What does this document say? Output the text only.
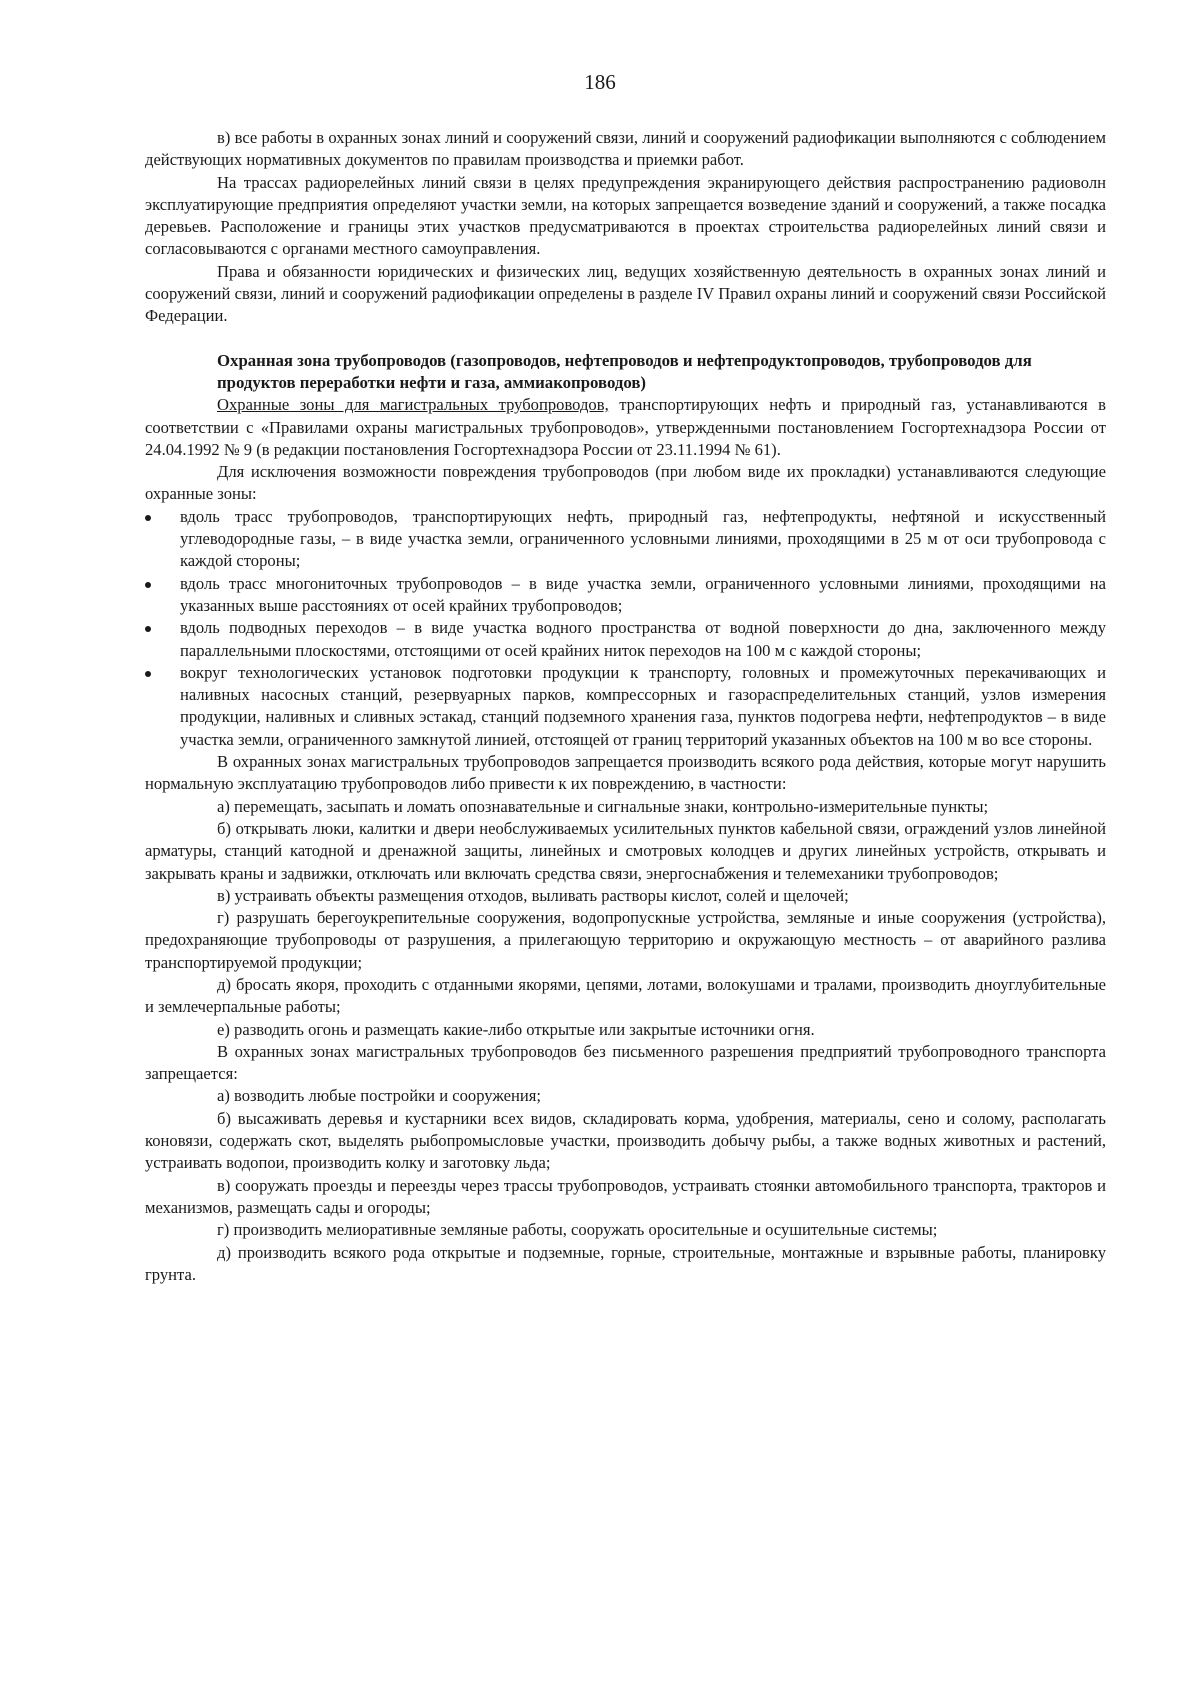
186

в) все работы в охранных зонах линий и сооружений связи, линий и сооружений радиофикации выполняются с соблюдением действующих нормативных документов по правилам производства и приемки работ.

На трассах радиорелейных линий связи в целях предупреждения экранирующего действия распространению радиоволн эксплуатирующие предприятия определяют участки земли, на которых запрещается возведение зданий и сооружений, а также посадка деревьев. Расположение и границы этих участков предусматриваются в проектах строительства радиорелейных линий связи и согласовываются с органами местного самоуправления.

Права и обязанности юридических и физических лиц, ведущих хозяйственную деятельность в охранных зонах линий и сооружений связи, линий и сооружений радиофикации определены в разделе IV Правил охраны линий и сооружений связи Российской Федерации.

Охранная зона трубопроводов (газопроводов, нефтепроводов и нефтепродуктопроводов, трубопроводов для продуктов переработки нефти и газа, аммиакопроводов)

Охранные зоны для магистральных трубопроводов, транспортирующих нефть и природный газ, устанавливаются в соответствии с «Правилами охраны магистральных трубопроводов», утвержденными постановлением Госгортехнадзора России от 24.04.1992 № 9 (в редакции постановления Госгортехнадзора России от 23.11.1994 № 61).

Для исключения возможности повреждения трубопроводов (при любом виде их прокладки) устанавливаются следующие охранные зоны:

вдоль трасс трубопроводов, транспортирующих нефть, природный газ, нефтепродукты, нефтяной и искусственный углеводородные газы, – в виде участка земли, ограниченного условными линиями, проходящими в 25 м от оси трубопровода с каждой стороны;
вдоль трасс многониточных трубопроводов – в виде участка земли, ограниченного условными линиями, проходящими на указанных выше расстояниях от осей крайних трубопроводов;
вдоль подводных переходов – в виде участка водного пространства от водной поверхности до дна, заключенного между параллельными плоскостями, отстоящими от осей крайних ниток переходов на 100 м с каждой стороны;
вокруг технологических установок подготовки продукции к транспорту, головных и промежуточных перекачивающих и наливных насосных станций, резервуарных парков, компрессорных и газораспределительных станций, узлов измерения продукции, наливных и сливных эстакад, станций подземного хранения газа, пунктов подогрева нефти, нефтепродуктов – в виде участка земли, ограниченного замкнутой линией, отстоящей от границ территорий указанных объектов на 100 м во все стороны.

В охранных зонах магистральных трубопроводов запрещается производить всякого рода действия, которые могут нарушить нормальную эксплуатацию трубопроводов либо привести к их повреждению, в частности:

а) перемещать, засыпать и ломать опознавательные и сигнальные знаки, контрольно-измерительные пункты;

б) открывать люки, калитки и двери необслуживаемых усилительных пунктов кабельной связи, ограждений узлов линейной арматуры, станций катодной и дренажной защиты, линейных и смотровых колодцев и других линейных устройств, открывать и закрывать краны и задвижки, отключать или включать средства связи, энергоснабжения и телемеханики трубопроводов;

в) устраивать объекты размещения отходов, выливать растворы кислот, солей и щелочей;

г) разрушать берегоукрепительные сооружения, водопропускные устройства, земляные и иные сооружения (устройства), предохраняющие трубопроводы от разрушения, а прилегающую территорию и окружающую местность – от аварийного разлива транспортируемой продукции;

д) бросать якоря, проходить с отданными якорями, цепями, лотами, волокушами и тралами, производить дноуглубительные и землечерпальные работы;

е) разводить огонь и размещать какие-либо открытые или закрытые источники огня.

В охранных зонах магистральных трубопроводов без письменного разрешения предприятий трубопроводного транспорта запрещается:

а) возводить любые постройки и сооружения;

б) высаживать деревья и кустарники всех видов, складировать корма, удобрения, материалы, сено и солому, располагать коновязи, содержать скот, выделять рыбопромысловые участки, производить добычу рыбы, а также водных животных и растений, устраивать водопои, производить колку и заготовку льда;

в) сооружать проезды и переезды через трассы трубопроводов, устраивать стоянки автомобильного транспорта, тракторов и механизмов, размещать сады и огороды;

г) производить мелиоративные земляные работы, сооружать оросительные и осушительные системы;

д) производить всякого рода открытые и подземные, горные, строительные, монтажные и взрывные работы, планировку грунта.
